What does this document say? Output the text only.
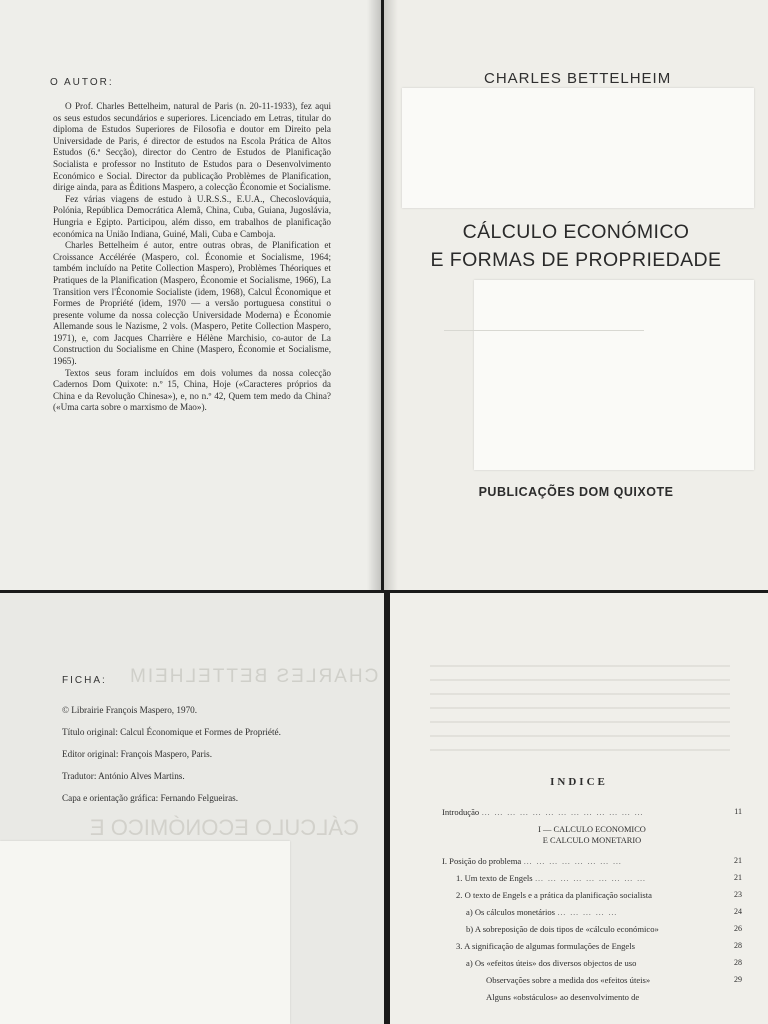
O AUTOR:

O Prof. Charles Bettelheim, natural de Paris (n. 20-11-1933), fez aqui os seus estudos secundários e superiores. Licenciado em Letras, titular do diploma de Estudos Superiores de Filosofia e doutor em Direito pela Universidade de Paris, é director de estudos na Escola Prática de Altos Estudos (6.ª Secção), director do Centro de Estudos de Planificação Socialista e professor no Instituto de Estudos para o Desenvolvimento Económico e Social. Director da publicação Problèmes de Planification, dirige ainda, para as Éditions Maspero, a colecção Économie et Socialisme.

Fez várias viagens de estudo à U.R.S.S., E.U.A., Checoslováquia, Polónia, República Democrática Alemã, China, Cuba, Guiana, Jugoslávia, Hungria e Egipto. Participou, além disso, em trabalhos de planificação económica na União Indiana, Guiné, Mali, Cuba e Camboja.

Charles Bettelheim é autor, entre outras obras, de Planification et Croissance Accélérée (Maspero, col. Économie et Socialisme, 1964; também incluído na Petite Collection Maspero), Problèmes Théoriques et Pratiques de la Planification (Maspero, Économie et Socialisme, 1966), La Transition vers l'Économie Socialiste (idem, 1968), Calcul Économique et Formes de Propriété (idem, 1970 — a versão portuguesa constitui o presente volume da nossa colecção Universidade Moderna) e Économie Allemande sous le Nazisme, 2 vols. (Maspero, Petite Collection Maspero, 1971), e, com Jacques Charrière e Hélène Marchisio, co-autor de La Construction du Socialisme en Chine (Maspero, Économie et Socialisme, 1965).

Textos seus foram incluídos em dois volumes da nossa colecção Cadernos Dom Quixote: n.º 15, China, Hoje («Caracteres próprios da China e da Revolução Chinesa»), e, no n.º 42, Quem tem medo da China? («Uma carta sobre o marxismo de Mao»).

CHARLES BETTELHEIM
CÁLCULO ECONÓMICO
E FORMAS DE PROPRIEDADE
PUBLICAÇÕES DOM QUIXOTE
CHARLES BETTELHEIM
FICHA:
© Librairie François Maspero, 1970.
Título original: Calcul Économique et Formes de Propriété.
Editor original: François Maspero, Paris.
Tradutor: António Alves Martins.
Capa e orientação gráfica: Fernando Felgueiras.
CÁLCULO ECONÓMICO E
INDICE
Introdução … … … … … … … … … … … … …	11
I — CALCULO ECONOMICO
E CALCULO MONETARIO
I. Posição do problema … … … … … … … …	21
1. Um texto de Engels … … … … … … … … …	21
2. O texto de Engels e a prática da planificação socialista	23
a) Os cálculos monetários … … … … …	24
b) A sobreposição de dois tipos de «cálculo económico»	26
3. A significação de algumas formulações de Engels	28
a) Os «efeitos úteis» dos diversos objectos de uso	28
Observações sobre a medida dos «efeitos úteis»	29
Alguns «obstáculos» ao desenvolvimento de
